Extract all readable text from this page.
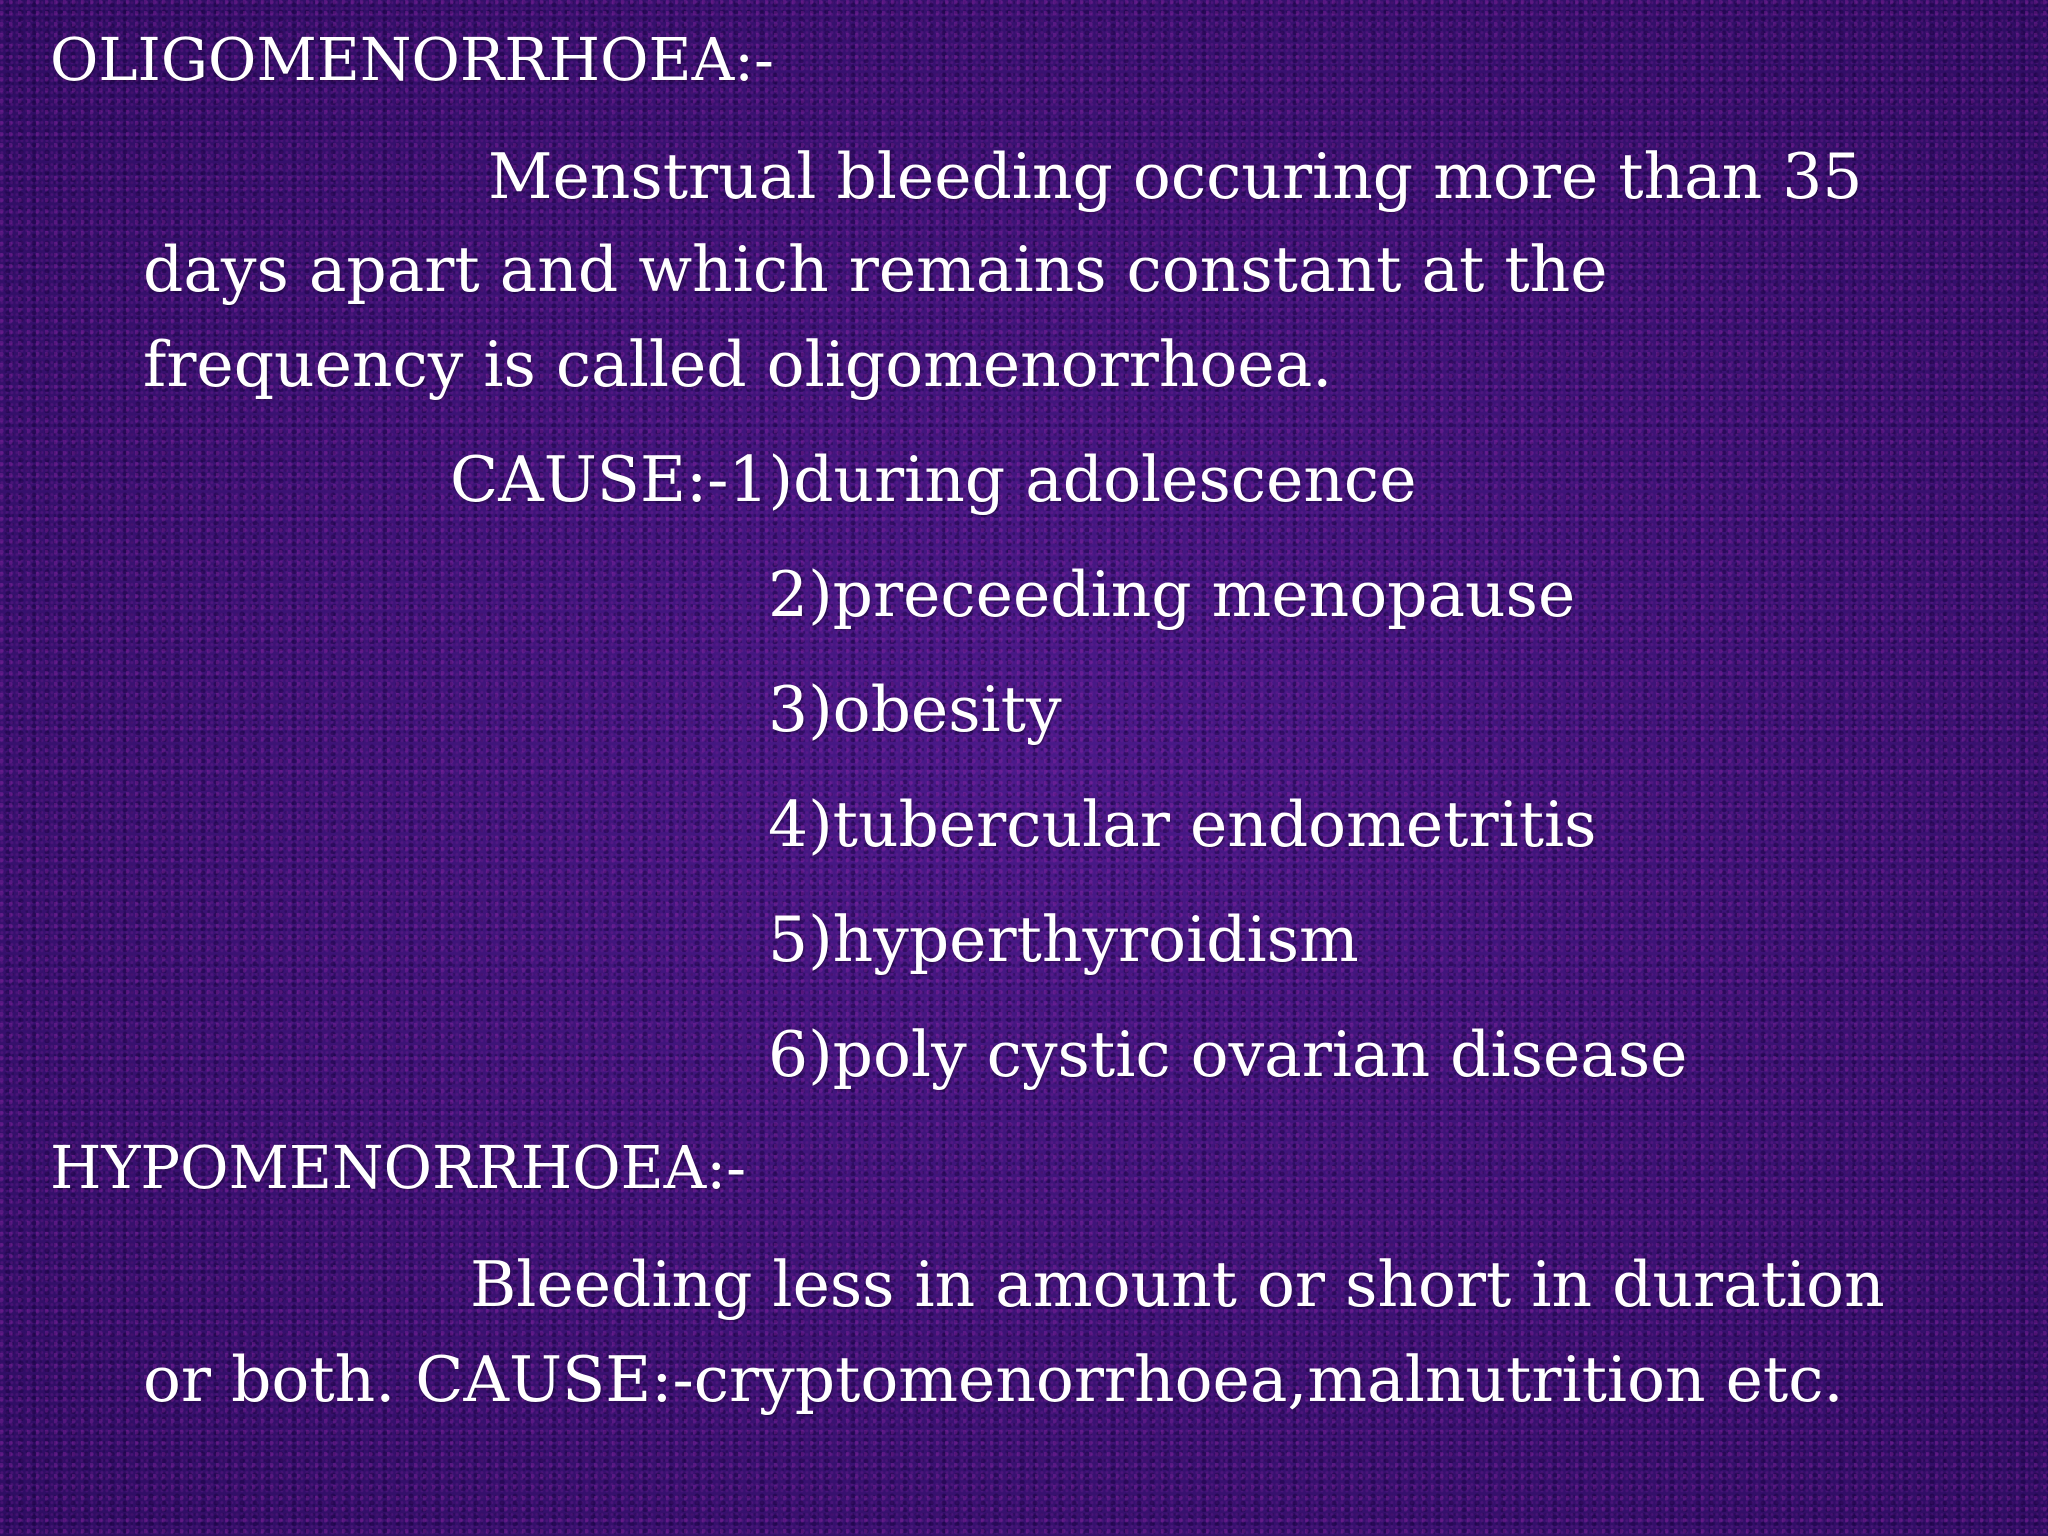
OLIGOMENORRHOEA:-
Menstrual bleeding occuring more than 35
days apart and which remains constant at the
frequency is called oligomenorrhoea.
CAUSE:-1)during adolescence
2)preceeding menopause
3)obesity
4)tubercular endometritis
5)hyperthyroidism
6)poly cystic ovarian disease
HYPOMENORRHOEA:-
Bleeding less in amount or short in duration
or both. CAUSE:-cryptomenorrhoea,malnutrition etc.
